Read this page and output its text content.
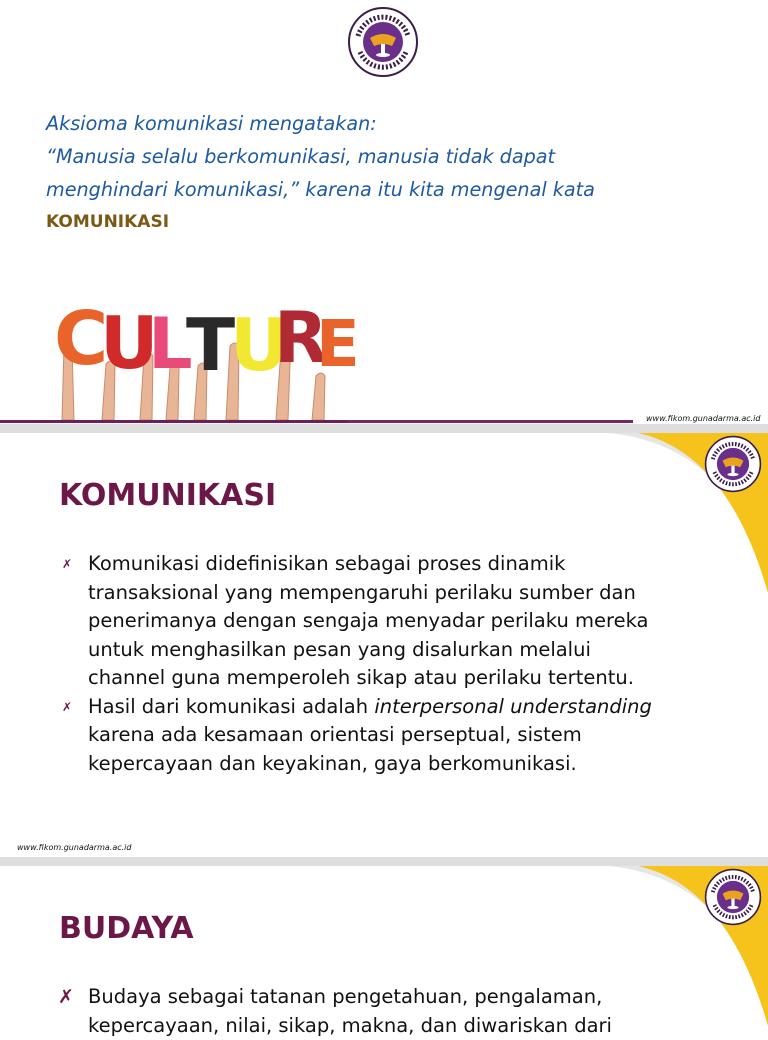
Aksioma komunikasi mengatakan:
“Manusia selalu berkomunikasi, manusia tidak dapat
menghindari komunikasi,” karena itu kita mengenal kata
KOMUNIKASI
C
U
L
T
U
R
E
www.fikom.gunadarma.ac.id
KOMUNIKASI
✗ Komunikasi didefinisikan sebagai proses dinamik
transaksional yang mempengaruhi perilaku sumber dan
penerimanya dengan sengaja menyadar perilaku mereka
untuk menghasilkan pesan yang disalurkan melalui
channel guna memperoleh sikap atau perilaku tertentu.
✗ Hasil dari komunikasi adalah interpersonal understanding
karena ada kesamaan orientasi perseptual, sistem
kepercayaan dan keyakinan, gaya berkomunikasi.
www.fikom.gunadarma.ac.id
BUDAYA
✗ Budaya sebagai tatanan pengetahuan, pengalaman,
kepercayaan, nilai, sikap, makna, dan diwariskan dari
